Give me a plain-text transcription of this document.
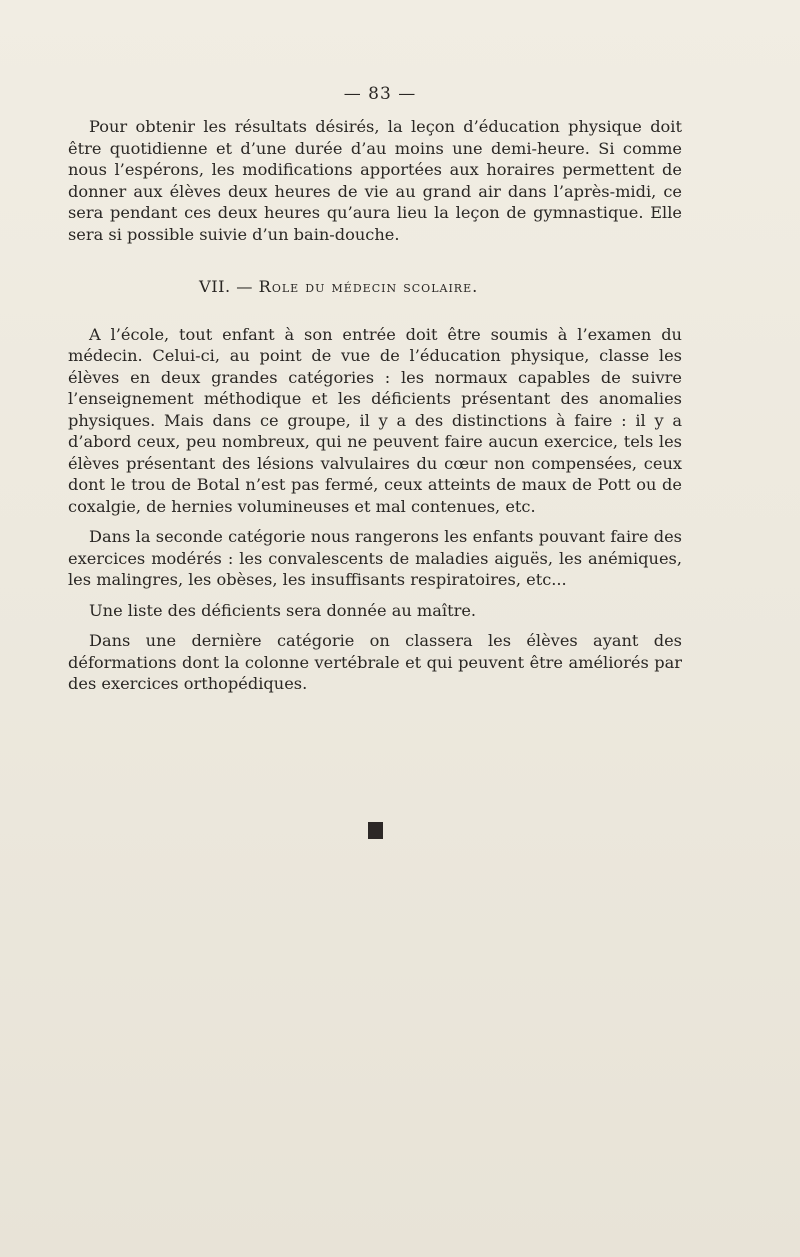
— 83 —

Pour obtenir les résultats désirés, la leçon d’éducation physique doit être quotidienne et d’une durée d’au moins une demi-heure. Si comme nous l’espérons, les modifications apportées aux horaires permettent de donner aux élèves deux heures de vie au grand air dans l’après-midi, ce sera pendant ces deux heures qu’aura lieu la leçon de gymnastique. Elle sera si possible suivie d’un bain-douche.

VII. — Role du médecin scolaire.

A l’école, tout enfant à son entrée doit être soumis à l’examen du médecin. Celui-ci, au point de vue de l’éducation physique, classe les élèves en deux grandes catégories : les normaux capables de suivre l’enseignement méthodique et les déficients présentant des anomalies physiques. Mais dans ce groupe, il y a des distinctions à faire : il y a d’abord ceux, peu nombreux, qui ne peuvent faire aucun exercice, tels les élèves présentant des lésions valvulaires du cœur non compensées, ceux dont le trou de Botal n’est pas fermé, ceux atteints de maux de Pott ou de coxalgie, de hernies volumineuses et mal contenues, etc.

Dans la seconde catégorie nous rangerons les enfants pouvant faire des exercices modérés : les convalescents de maladies aiguës, les anémiques, les malingres, les obèses, les insuffisants respiratoires, etc...

Une liste des déficients sera donnée au maître.

Dans une dernière catégorie on classera les élèves ayant des déformations dont la colonne vertébrale et qui peuvent être améliorés par des exercices orthopédiques.
